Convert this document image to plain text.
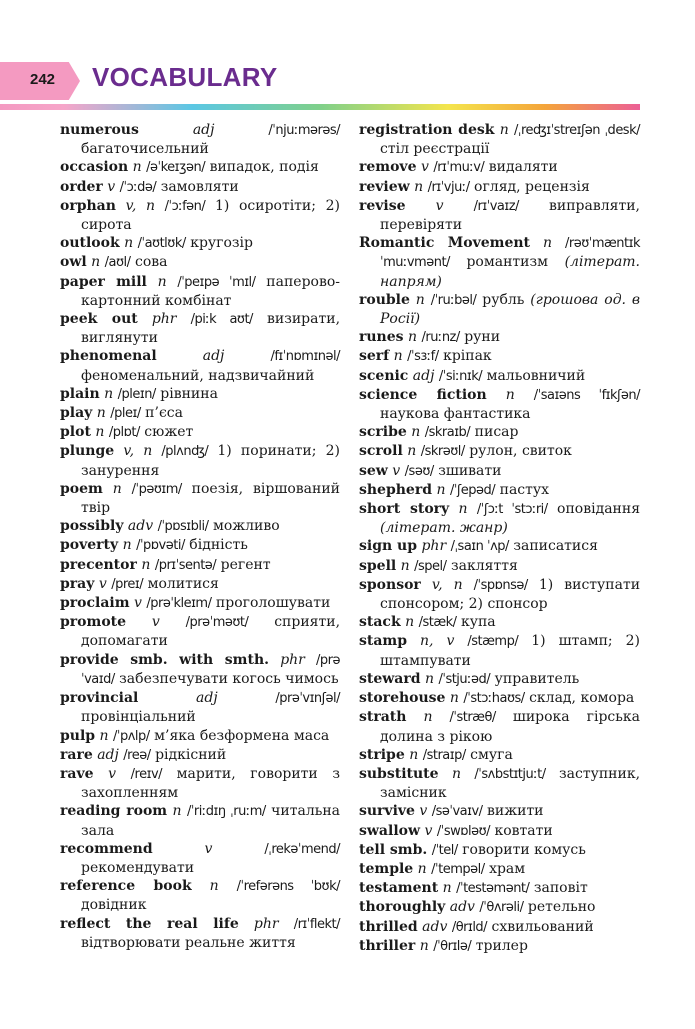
242 VOCABULARY

numerous	adj	/ˈnjuːmərəs/ багаточисельний

occasion n /əˈkeɪʒən/ випадок, подія

order v /ˈɔːdə/ замовляти

orphan v, n /ˈɔːfən/ 1) осиротіти; 2) сирота

outlook n /ˈaʊtlʊk/ кругозір

owl n /aʊl/ сова

paper mill n /ˈpeɪpə ˈmɪl/ паперово-картонний комбінат

peek out phr /piːk aʊt/ визирати, виглянути

phenomenal	adj	/fɪˈnɒmɪnəl/ феноменальний, надзвичайний

plain n /pleɪn/ рівнина

play n /pleɪ/ п’єса

plot n /plɒt/ сюжет

plunge v, n /plʌnʤ/ 1) поринати; 2) занурення

poem n /ˈpəʊɪm/ поезія, віршований твір

possibly adv /ˈpɒsɪbli/ можливо

poverty n /ˈpɒvəti/ бідність

precentor n /prɪˈsentə/ регент

pray v /preɪ/ молитися

proclaim v /prəˈkleɪm/ проголошувати

promote v /prəˈməʊt/ сприяти, допомагати

provide smb. with smth. phr /prəˈvaɪd/ забезпечувати когось чимось

provincial	adj	/prəˈvɪnʃəl/ провінціальний

pulp n /ˈpʌlp/ м’яка безформена маса

rare adj /reə/ рідкісний

rave v /reɪv/ марити, говорити з захопленням

reading room n /ˈriːdɪŋ ˌruːm/ читальна зала

recommend	v	/ˌrekəˈmend/ рекомендувати

reference book n /ˈrefərəns ˈbʊk/ довідник

reflect the real life phr /rɪˈflekt/ відтворювати реальне життя

registration desk n /ˌreʤɪˈstreɪʃən ˌdesk/ стіл реєстрації

remove v /rɪˈmuːv/ видаляти

review n /rɪˈvjuː/ огляд, рецензія

revise v /rɪˈvaɪz/ виправляти, перевіряти

Romantic Movement n /rəʊˈmæntɪk ˈmuːvmənt/ романтизм (літерат. напрям)

rouble n /ˈruːbəl/ рубль (грошова од. в Росії)

runes n /ruːnz/ руни

serf n /ˈsɜːf/ кріпак

scenic adj /ˈsiːnɪk/ мальовничий

science fiction n /ˈsaɪəns ˈfɪkʃən/ наукова фантастика

scribe n /skraɪb/ писар

scroll n /skrəʊl/ рулон, свиток

sew v /səʊ/ зшивати

shepherd n /ˈʃepəd/ пастух

short story n /ˈʃɔːt ˈstɔːri/ оповідання (літерат. жанр)

sign up phr /ˌsaɪn ˈʌp/ записатися

spell n /spel/ закляття

sponsor v, n /ˈspɒnsə/ 1) виступати спонсором; 2) спонсор

stack n /stæk/ купа

stamp n, v /stæmp/ 1) штамп; 2) штампувати

steward n /ˈstjuːəd/ управитель

storehouse n /ˈstɔːhaʊs/ склад, комора

strath n /ˈstræθ/ широка гірська долина з рікою

stripe n /straɪp/ смуга

substitute n /ˈsʌbstɪtjuːt/ заступник, замісник

survive v /səˈvaɪv/ вижити

swallow v /ˈswɒləʊ/ ковтати

tell smb. /ˈtel/ говорити комусь

temple n /ˈtempəl/ храм

testament n /ˈtestəmənt/ заповіт

thoroughly adv /ˈθʌrəli/ ретельно

thrilled adv /θrɪld/ схвильований

thriller n /ˈθrɪlə/ трилер
